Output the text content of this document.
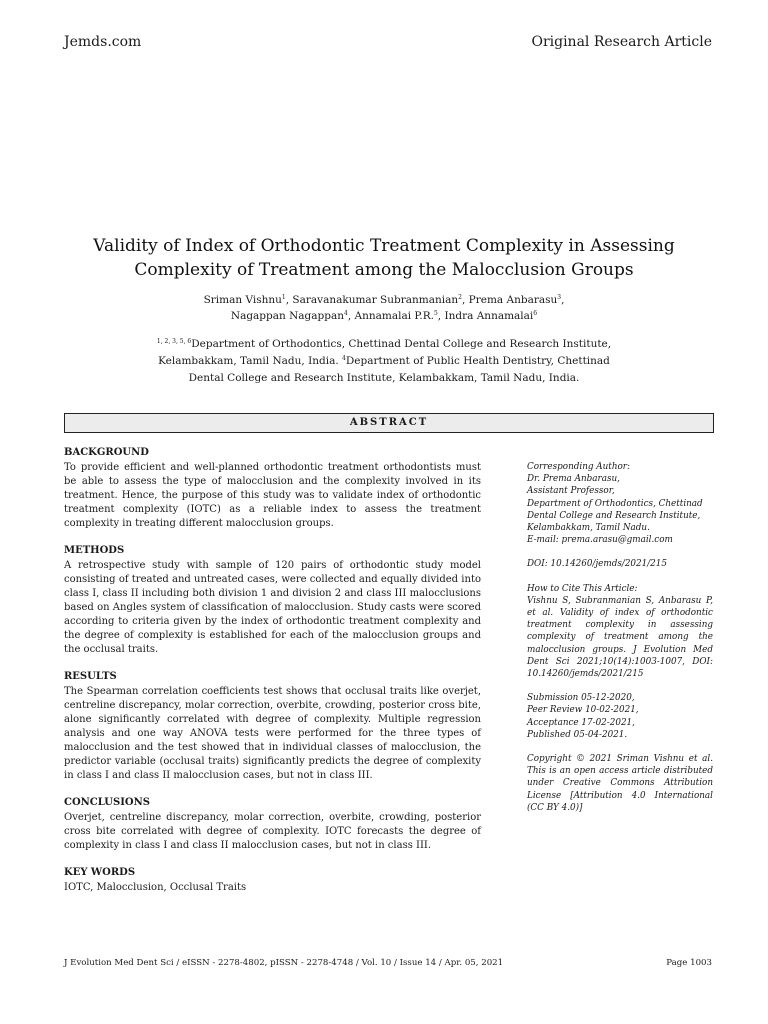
Jemds.com	Original Research Article
Validity of Index of Orthodontic Treatment Complexity in Assessing
Complexity of Treatment among the Malocclusion Groups
Sriman Vishnu$^1$, Saravanakumar Subranmanian$^2$, Prema Anbarasu$^3$,
Nagappan Nagappan$^4$, Annamalai P.R.$^5$, Indra Annamalai$^6$
$^{1, 2, 3, 5, 6}$Department of Orthodontics, Chettinad Dental College and Research Institute,
Kelambakkam, Tamil Nadu, India. $^4$Department of Public Health Dentistry, Chettinad
Dental College and Research Institute, Kelambakkam, Tamil Nadu, India.
ABSTRACT
BACKGROUND

To provide efficient and well-planned orthodontic treatment orthodontists must be able to assess the type of malocclusion and the complexity involved in its treatment. Hence, the purpose of this study was to validate index of orthodontic treatment complexity (IOTC) as a reliable index to assess the treatment complexity in treating different malocclusion groups.

METHODS

A retrospective study with sample of 120 pairs of orthodontic study model consisting of treated and untreated cases, were collected and equally divided into class I, class II including both division 1 and division 2 and class III malocclusions based on Angles system of classification of malocclusion. Study casts were scored according to criteria given by the index of orthodontic treatment complexity and the degree of complexity is established for each of the malocclusion groups and the occlusal traits.

RESULTS

The Spearman correlation coefficients test shows that occlusal traits like overjet, centreline discrepancy, molar correction, overbite, crowding, posterior cross bite, alone significantly correlated with degree of complexity. Multiple regression analysis and one way ANOVA tests were performed for the three types of malocclusion and the test showed that in individual classes of malocclusion, the predictor variable (occlusal traits) significantly predicts the degree of complexity in class I and class II malocclusion cases, but not in class III.

CONCLUSIONS

Overjet, centreline discrepancy, molar correction, overbite, crowding, posterior cross bite correlated with degree of complexity. IOTC forecasts the degree of complexity in class I and class II malocclusion cases, but not in class III.

KEY WORDS

IOTC, Malocclusion, Occlusal Traits

Corresponding Author:
Dr. Prema Anbarasu,
Assistant Professor,
Department of Orthodontics, Chettinad
Dental College and Research Institute,
Kelambakkam, Tamil Nadu.
E-mail: prema.arasu@gmail.com
DOI: 10.14260/jemds/2021/215
How to Cite This Article:
Vishnu S, Subranmanian S, Anbarasu P, et al. Validity of index of orthodontic treatment complexity in assessing complexity of treatment among the malocclusion groups. J Evolution Med Dent Sci 2021;10(14):1003-1007, DOI: 10.14260/jemds/2021/215
Submission 05-12-2020,
Peer Review 10-02-2021,
Acceptance 17-02-2021,
Published 05-04-2021.
Copyright © 2021 Sriman Vishnu et al. This is an open access article distributed under Creative Commons Attribution License [Attribution 4.0 International (CC BY 4.0)]
J Evolution Med Dent Sci / eISSN - 2278-4802, pISSN - 2278-4748 / Vol. 10 / Issue 14 / Apr. 05, 2021	Page 1003
